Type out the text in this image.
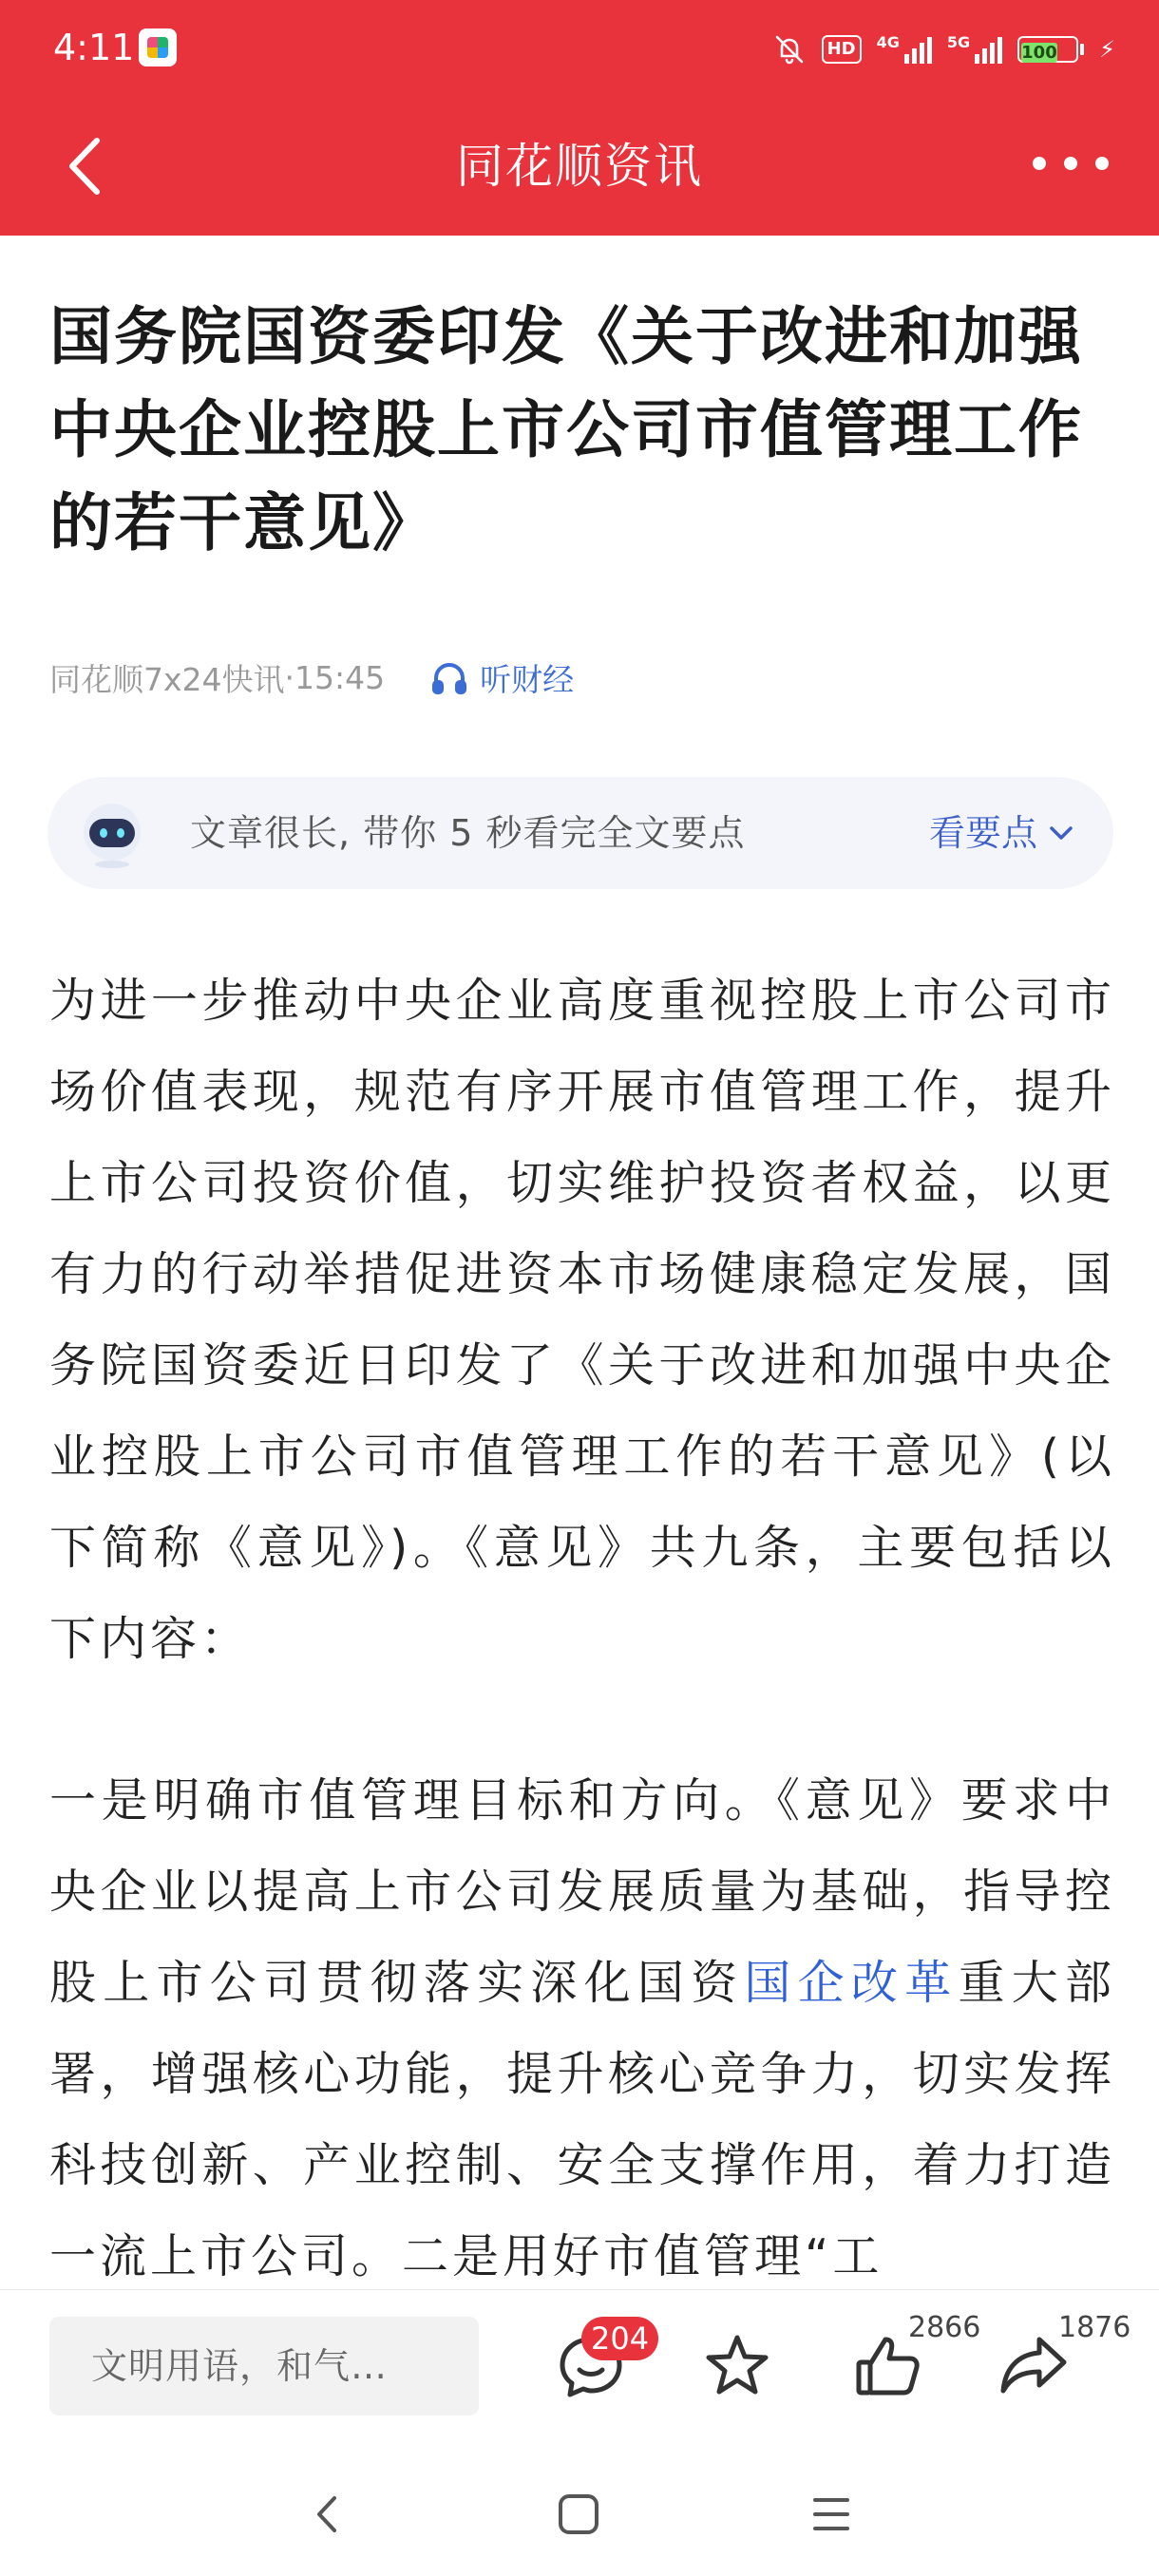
4:11	HD	4G	5G
100	⚡
同花顺资讯
国务院国资委印发《关于改进和加强中央企业控股上市公司市值管理工作的若干意见》
同花顺7x24快讯 · 15:45	听财经
文章很长, 带你 5 秒看完全文要点	看要点

为进一步推动中央企业高度重视控股上市公司市场价值表现，规范有序开展市值管理工作，提升上市公司投资价值，切实维护投资者权益，以更有力的行动举措促进资本市场健康稳定发展，国务院国资委近日印发了《关于改进和加强中央企业控股上市公司市值管理工作的若干意见》(以下简称《意见》)。《意见》共九条，主要包括以下内容：

一是明确市值管理目标和方向。《意见》要求中央企业以提高上市公司发展质量为基础，指导控股上市公司贯彻落实深化国资国企改革重大部署，增强核心功能，提升核心竞争力，切实发挥科技创新、产业控制、安全支撑作用，着力打造一流上市公司。二是用好市值管理“工

文明用语，和气…
204	2866	1876
